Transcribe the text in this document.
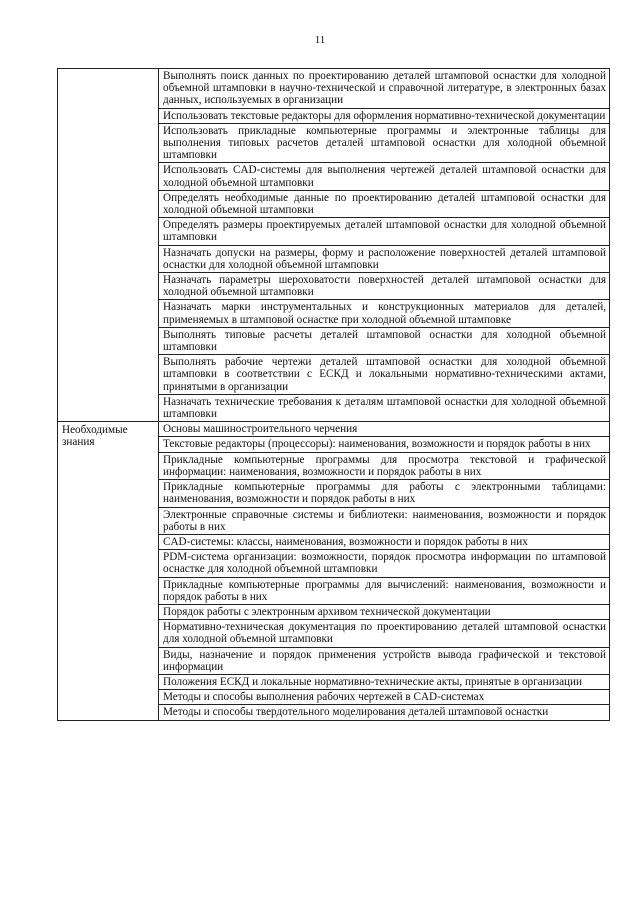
11
	Выполнять поиск данных по проектированию деталей штамповой оснастки для холодной объемной штамповки в научно-технической и справочной литературе, в электронных базах данных, используемых в организации
	Использовать текстовые редакторы для оформления нормативно-технической документации
	Использовать прикладные компьютерные программы и электронные таблицы для выполнения типовых расчетов деталей штамповой оснастки для холодной объемной штамповки
	Использовать CAD-системы для выполнения чертежей деталей штамповой оснастки для холодной объемной штамповки
	Определять необходимые данные по проектированию деталей штамповой оснастки для холодной объемной штамповки
	Определять размеры проектируемых деталей штамповой оснастки для холодной объемной штамповки
	Назначать допуски на размеры, форму и расположение поверхностей деталей штамповой оснастки для холодной объемной штамповки
	Назначать параметры шероховатости поверхностей деталей штамповой оснастки для холодной объемной штамповки
	Назначать марки инструментальных и конструкционных материалов для деталей, применяемых в штамповой оснастке при холодной объемной штамповке
	Выполнять типовые расчеты деталей штамповой оснастки для холодной объемной штамповки
	Выполнять рабочие чертежи деталей штамповой оснастки для холодной объемной штамповки в соответствии с ЕСКД и локальными нормативно-техническими актами, принятыми в организации
	Назначать технические требования к деталям штамповой оснастки для холодной объемной штамповки
Необходимые знания	Основы машиностроительного черчения
	Текстовые редакторы (процессоры): наименования, возможности и порядок работы в них
	Прикладные компьютерные программы для просмотра текстовой и графической информации: наименования, возможности и порядок работы в них
	Прикладные компьютерные программы для работы с электронными таблицами: наименования, возможности и порядок работы в них
	Электронные справочные системы и библиотеки: наименования, возможности и порядок работы в них
	CAD-системы: классы, наименования, возможности и порядок работы в них
	PDM-система организации: возможности, порядок просмотра информации по штамповой оснастке для холодной объемной штамповки
	Прикладные компьютерные программы для вычислений: наименования, возможности и порядок работы в них
	Порядок работы с электронным архивом технической документации
	Нормативно-техническая документация по проектированию деталей штамповой оснастки для холодной объемной штамповки
	Виды, назначение и порядок применения устройств вывода графической и текстовой информации
	Положения ЕСКД и локальные нормативно-технические акты, принятые в организации
	Методы и способы выполнения рабочих чертежей в CAD-системах
	Методы и способы твердотельного моделирования деталей штамповой оснастки
